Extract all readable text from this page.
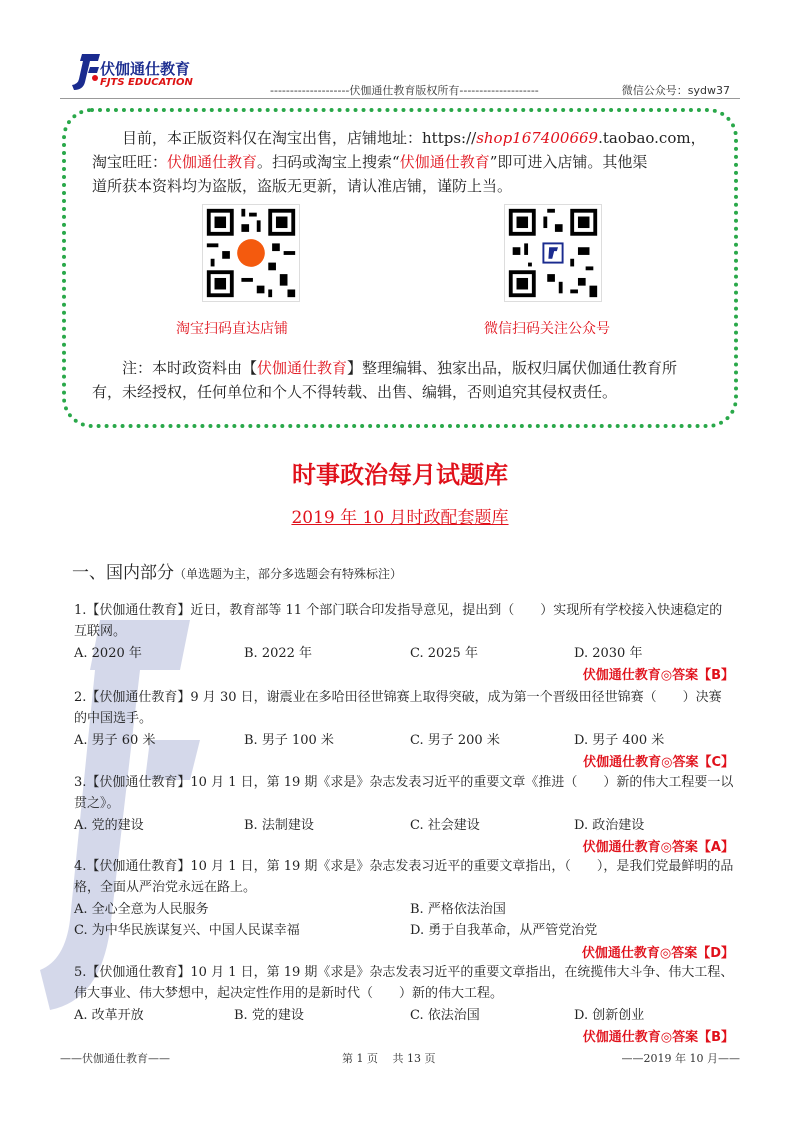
伏伽通仕教育
FJTS EDUCATION
--------------------伏伽通仕教育版权所有--------------------	微信公众号：sydw37

目前，本正版资料仅在淘宝出售，店铺地址：https://shop167400669.taobao.com，

淘宝旺旺：伏伽通仕教育。扫码或淘宝上搜索“伏伽通仕教育”即可进入店铺。其他渠

道所获本资料均为盗版，盗版无更新，请认准店铺，谨防上当。

淘宝扫码直达店铺	微信扫码关注公众号

注：本时政资料由【伏伽通仕教育】整理编辑、独家出品，版权归属伏伽通仕教育所

有，未经授权，任何单位和个人不得转载、出售、编辑，否则追究其侵权责任。

时事政治每月试题库
2019 年 10 月时政配套题库
一、国内部分（单选题为主，部分多选题会有特殊标注）
1.【伏伽通仕教育】近日，教育部等 11 个部门联合印发指导意见，提出到（　　）实现所有学校接入快速稳定的互联网。
A. 2020 年	B. 2022 年	C. 2025 年	D. 2030 年
伏伽通仕教育◎答案【B】
2.【伏伽通仕教育】9 月 30 日，谢震业在多哈田径世锦赛上取得突破，成为第一个晋级田径世锦赛（　　）决赛的中国选手。
A. 男子 60 米	B. 男子 100 米	C. 男子 200 米	D. 男子 400 米
伏伽通仕教育◎答案【C】
3.【伏伽通仕教育】10 月 1 日，第 19 期《求是》杂志发表习近平的重要文章《推进（　　）新的伟大工程要一以贯之》。
A. 党的建设	B. 法制建设	C. 社会建设	D. 政治建设
伏伽通仕教育◎答案【A】
4.【伏伽通仕教育】10 月 1 日，第 19 期《求是》杂志发表习近平的重要文章指出，（　　），是我们党最鲜明的品格，全面从严治党永远在路上。
A. 全心全意为人民服务	B. 严格依法治国
C. 为中华民族谋复兴、中国人民谋幸福	D. 勇于自我革命，从严管党治党
伏伽通仕教育◎答案【D】
5.【伏伽通仕教育】10 月 1 日，第 19 期《求是》杂志发表习近平的重要文章指出，在统揽伟大斗争、伟大工程、伟大事业、伟大梦想中，起决定性作用的是新时代（　　）新的伟大工程。
A. 改革开放	B. 党的建设	C. 依法治国	D. 创新创业
伏伽通仕教育◎答案【B】
——伏伽通仕教育——	第 1 页　 共 13 页	——2019 年 10 月——
